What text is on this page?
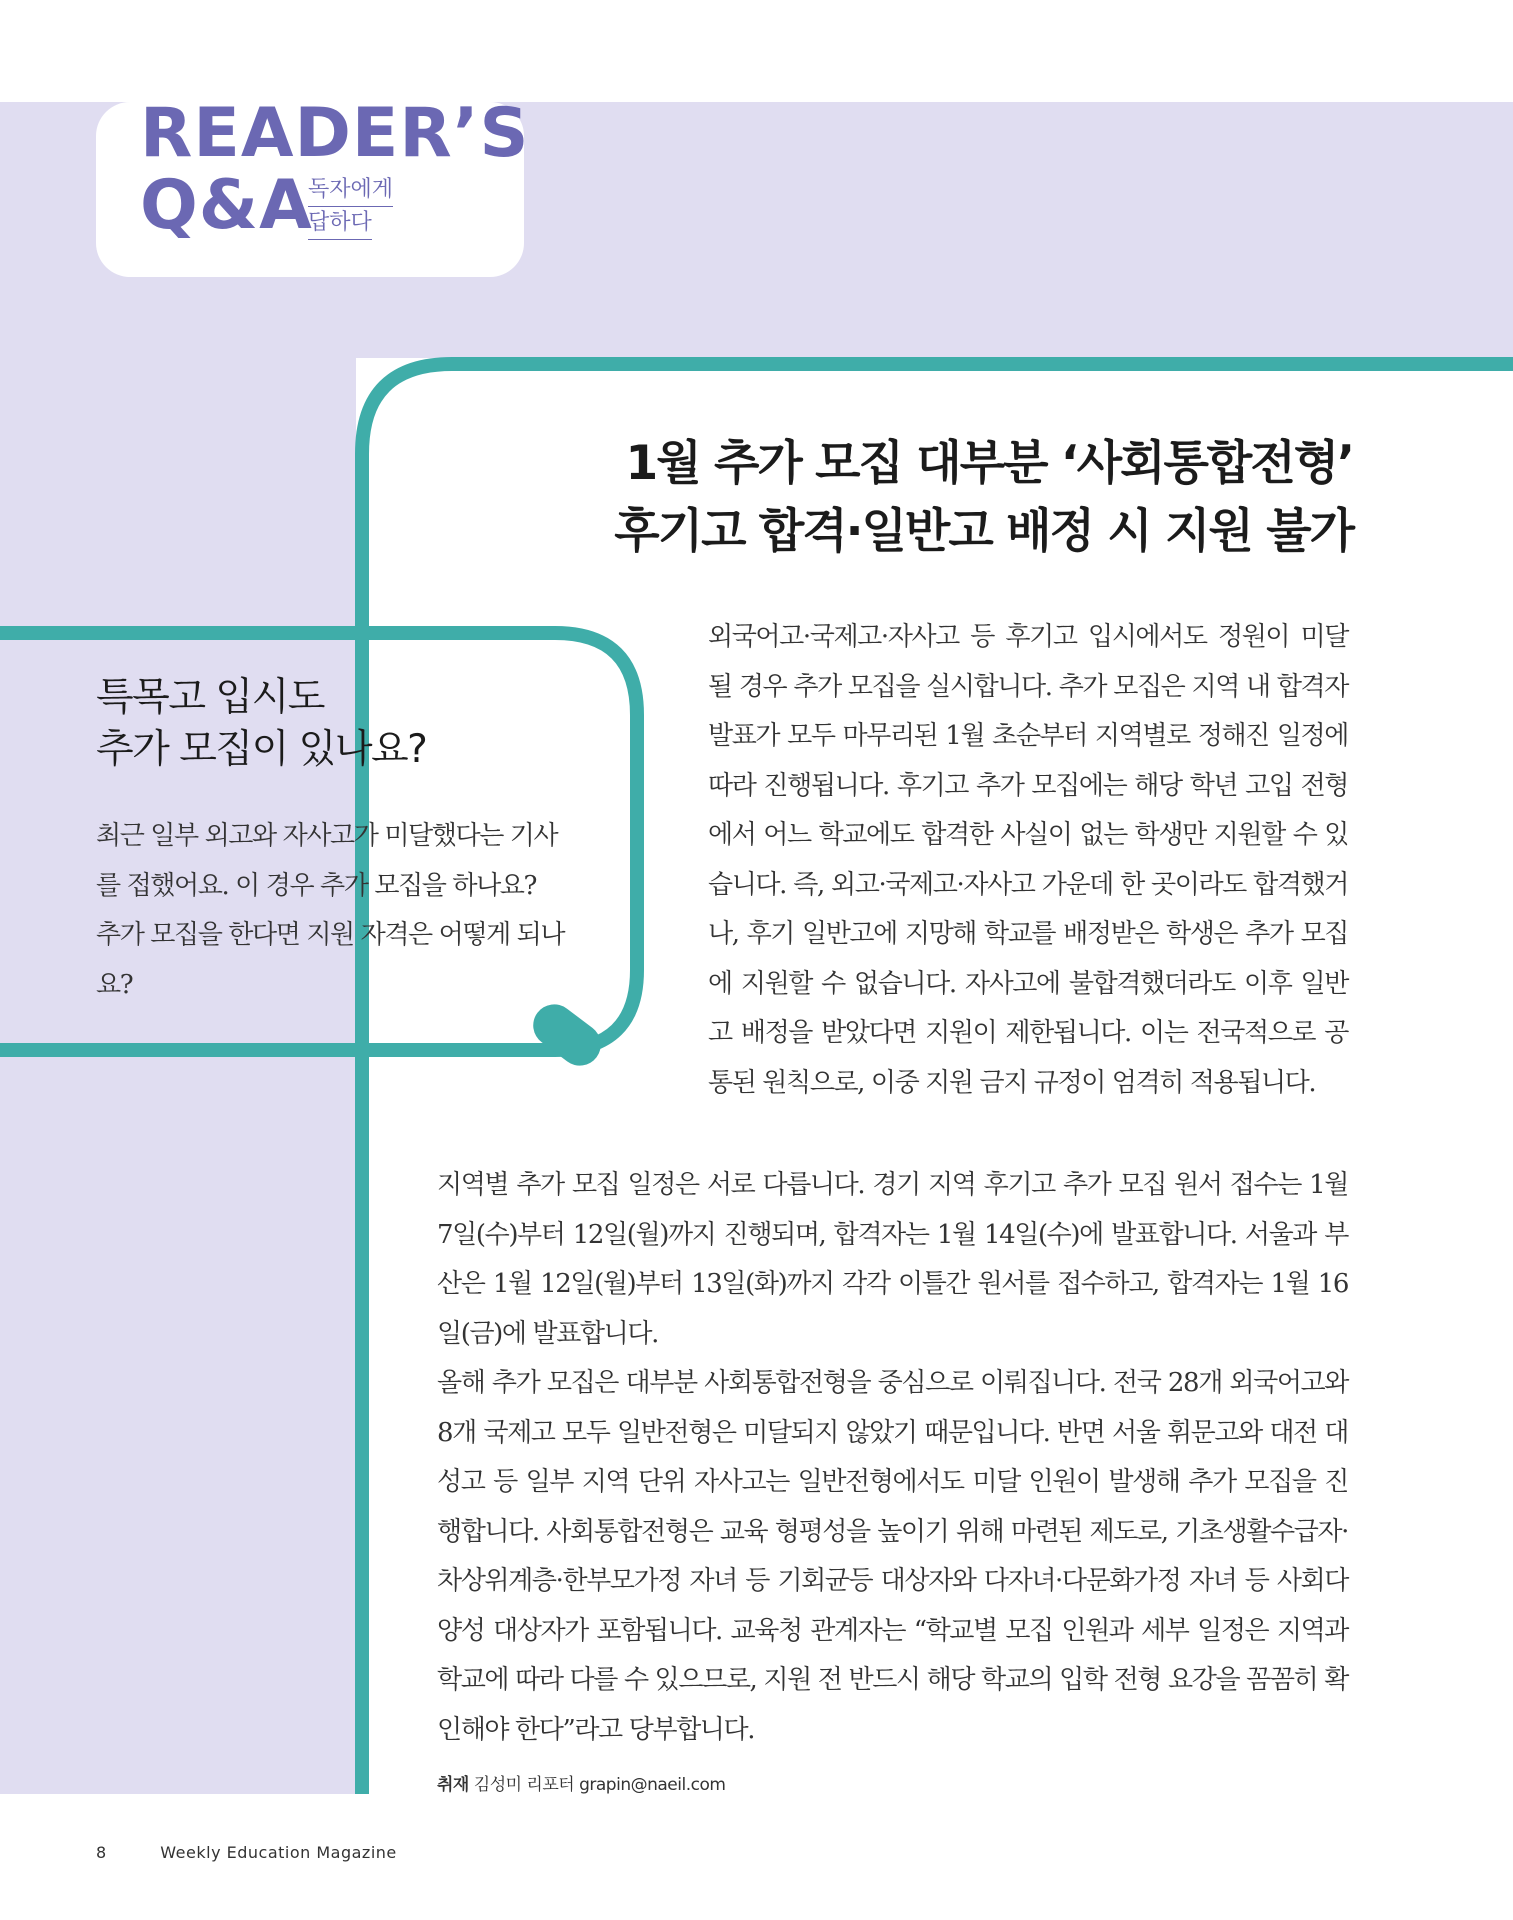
READER’S
Q&A
독자에게
답하다
1월 추가 모집 대부분 ‘사회통합전형’
후기고 합격·일반고 배정 시 지원 불가
특목고 입시도
추가 모집이 있나요?

최근 일부 외고와 자사고가 미달했다는 기사를 접했어요. 이 경우 추가 모집을 하나요? 추가 모집을 한다면 지원 자격은 어떻게 되나요?

외국어고·국제고·자사고 등 후기고 입시에서도 정원이 미달될 경우 추가 모집을 실시합니다. 추가 모집은 지역 내 합격자 발표가 모두 마무리된 1월 초순부터 지역별로 정해진 일정에 따라 진행됩니다. 후기고 추가 모집에는 해당 학년 고입 전형에서 어느 학교에도 합격한 사실이 없는 학생만 지원할 수 있습니다. 즉, 외고·국제고·자사고 가운데 한 곳이라도 합격했거나, 후기 일반고에 지망해 학교를 배정받은 학생은 추가 모집에 지원할 수 없습니다. 자사고에 불합격했더라도 이후 일반고 배정을 받았다면 지원이 제한됩니다. 이는 전국적으로 공통된 원칙으로, 이중 지원 금지 규정이 엄격히 적용됩니다.

지역별 추가 모집 일정은 서로 다릅니다. 경기 지역 후기고 추가 모집 원서 접수는 1월 7일(수)부터 12일(월)까지 진행되며, 합격자는 1월 14일(수)에 발표합니다. 서울과 부산은 1월 12일(월)부터 13일(화)까지 각각 이틀간 원서를 접수하고, 합격자는 1월 16일(금)에 발표합니다.
올해 추가 모집은 대부분 사회통합전형을 중심으로 이뤄집니다. 전국 28개 외국어고와 8개 국제고 모두 일반전형은 미달되지 않았기 때문입니다. 반면 서울 휘문고와 대전 대성고 등 일부 지역 단위 자사고는 일반전형에서도 미달 인원이 발생해 추가 모집을 진행합니다. 사회통합전형은 교육 형평성을 높이기 위해 마련된 제도로, 기초생활수급자·차상위계층·한부모가정 자녀 등 기회균등 대상자와 다자녀·다문화가정 자녀 등 사회다양성 대상자가 포함됩니다. 교육청 관계자는 “학교별 모집 인원과 세부 일정은 지역과 학교에 따라 다를 수 있으므로, 지원 전 반드시 해당 학교의 입학 전형 요강을 꼼꼼히 확인해야 한다”라고 당부합니다.
취재 김성미 리포터 grapin@naeil.com
8	Weekly Education Magazine
